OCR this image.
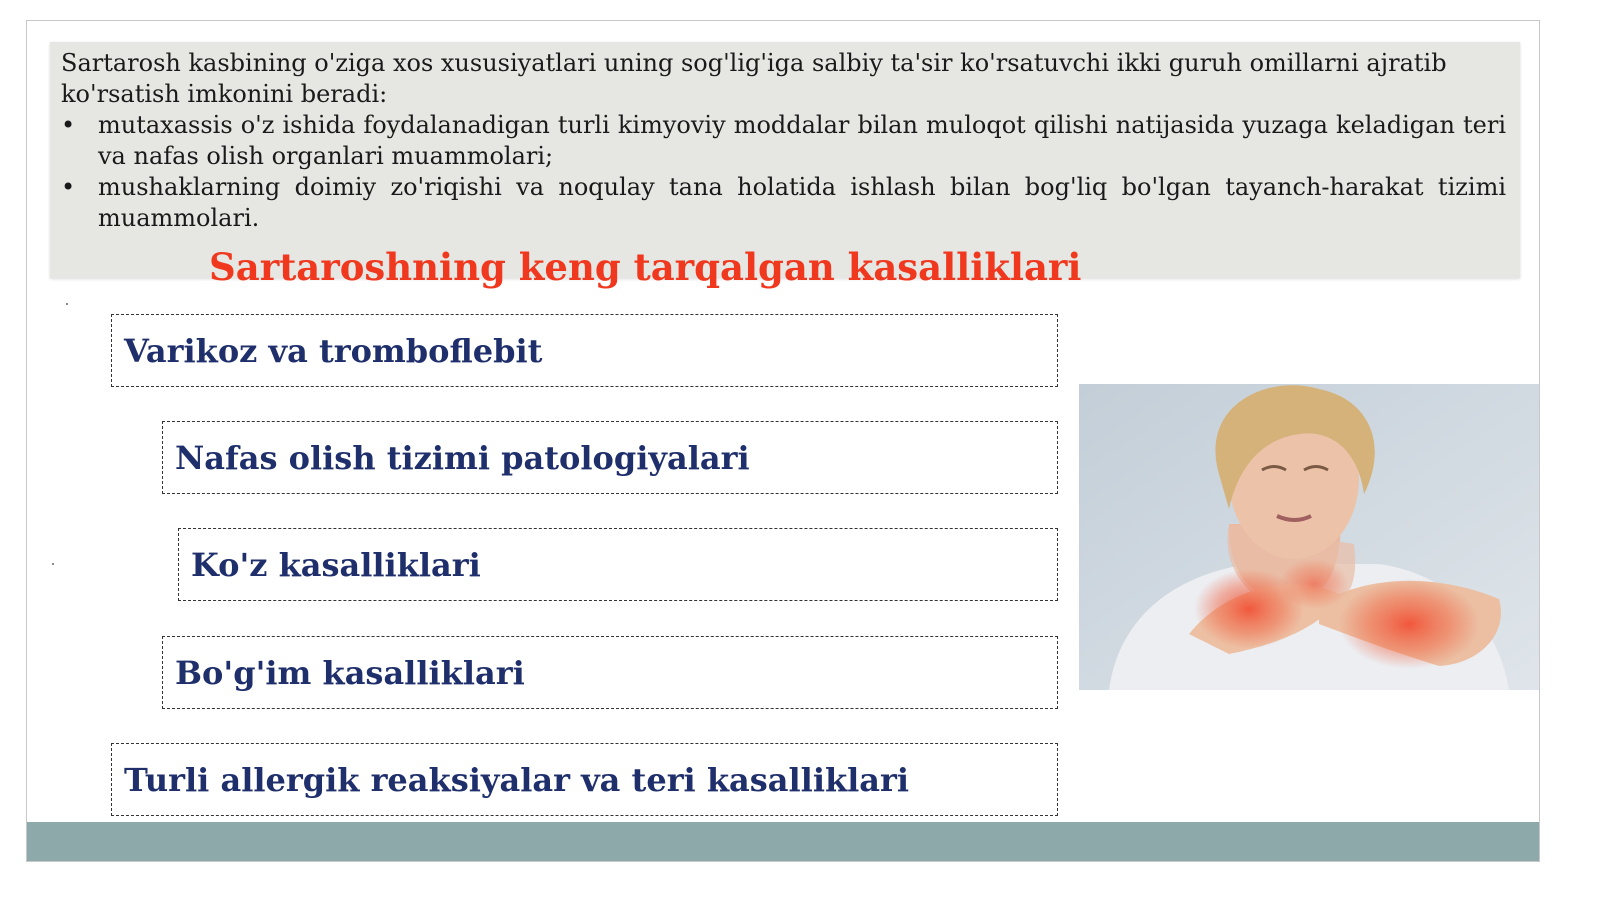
Sartarosh kasbining o'ziga xos xususiyatlari uning sog'lig'iga salbiy ta'sir ko'rsatuvchi ikki guruh omillarni ajratib ko'rsatish imkonini beradi:

• mutaxassis o'z ishida foydalanadigan turli kimyoviy moddalar bilan muloqot qilishi natijasida yuzaga keladigan teri va nafas olish organlari muammolari;
• mushaklarning doimiy zo'riqishi va noqulay tana holatida ishlash bilan bog'liq bo'lgan tayanch-harakat tizimi muammolari.
Sartaroshning keng tarqalgan kasalliklari
Varikoz va tromboflebit
Nafas olish tizimi patologiyalari
Ko'z kasalliklari
Bo'g'im kasalliklari
Turli allergik reaksiyalar va teri kasalliklari
